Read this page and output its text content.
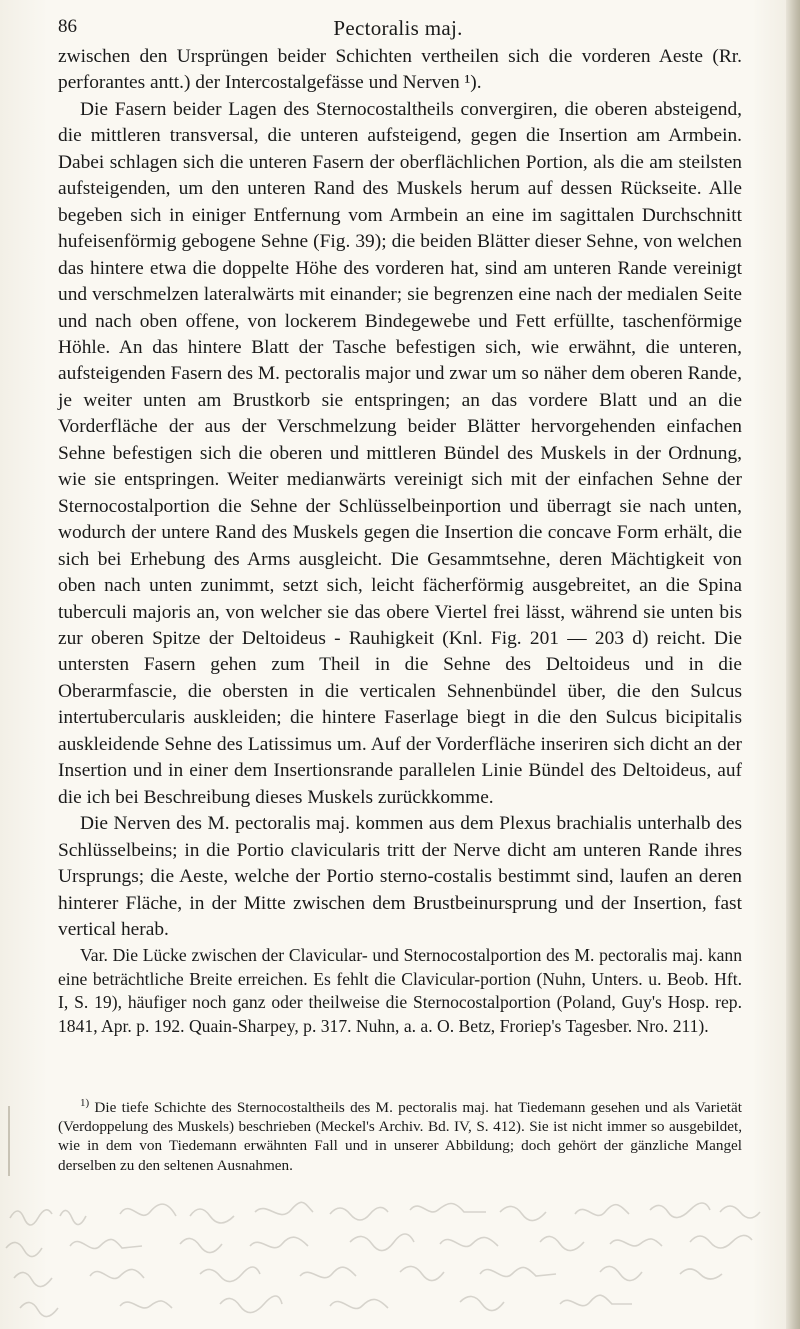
86	Pectoralis maj.

zwischen den Ursprüngen beider Schichten vertheilen sich die vorderen Aeste (Rr. perforantes antt.) der Intercostalgefässe und Nerven ¹).

Die Fasern beider Lagen des Sternocostaltheils convergiren, die oberen absteigend, die mittleren transversal, die unteren aufsteigend, gegen die Insertion am Armbein. Dabei schlagen sich die unteren Fasern der oberflächlichen Portion, als die am steilsten aufsteigenden, um den unteren Rand des Muskels herum auf dessen Rückseite. Alle begeben sich in einiger Entfernung vom Armbein an eine im sagittalen Durchschnitt hufeisenförmig gebogene Sehne (Fig. 39); die beiden Blätter dieser Sehne, von welchen das hintere etwa die doppelte Höhe des vorderen hat, sind am unteren Rande vereinigt und verschmelzen lateralwärts mit einander; sie begrenzen eine nach der medialen Seite und nach oben offene, von lockerem Bindegewebe und Fett erfüllte, taschenförmige Höhle. An das hintere Blatt der Tasche befestigen sich, wie erwähnt, die unteren, aufsteigenden Fasern des M. pectoralis major und zwar um so näher dem oberen Rande, je weiter unten am Brustkorb sie entspringen; an das vordere Blatt und an die Vorderfläche der aus der Verschmelzung beider Blätter hervorgehenden einfachen Sehne befestigen sich die oberen und mittleren Bündel des Muskels in der Ordnung, wie sie entspringen. Weiter medianwärts vereinigt sich mit der einfachen Sehne der Sternocostalportion die Sehne der Schlüsselbeinportion und überragt sie nach unten, wodurch der untere Rand des Muskels gegen die Insertion die concave Form erhält, die sich bei Erhebung des Arms ausgleicht. Die Gesammtsehne, deren Mächtigkeit von oben nach unten zunimmt, setzt sich, leicht fächerförmig ausgebreitet, an die Spina tuberculi majoris an, von welcher sie das obere Viertel frei lässt, während sie unten bis zur oberen Spitze der Deltoideus - Rauhigkeit (Knl. Fig. 201 — 203 d) reicht. Die untersten Fasern gehen zum Theil in die Sehne des Deltoideus und in die Oberarmfascie, die obersten in die verticalen Sehnenbündel über, die den Sulcus intertubercularis auskleiden; die hintere Faserlage biegt in die den Sulcus bicipitalis auskleidende Sehne des Latissimus um. Auf der Vorderfläche inseriren sich dicht an der Insertion und in einer dem Insertionsrande parallelen Linie Bündel des Deltoideus, auf die ich bei Beschreibung dieses Muskels zurückkomme.

Die Nerven des M. pectoralis maj. kommen aus dem Plexus brachialis unterhalb des Schlüsselbeins; in die Portio clavicularis tritt der Nerve dicht am unteren Rande ihres Ursprungs; die Aeste, welche der Portio sterno-costalis bestimmt sind, laufen an deren hinterer Fläche, in der Mitte zwischen dem Brustbeinursprung und der Insertion, fast vertical herab.

Var. Die Lücke zwischen der Clavicular- und Sternocostalportion des M. pectoralis maj. kann eine beträchtliche Breite erreichen. Es fehlt die Clavicular-portion (Nuhn, Unters. u. Beob. Hft. I, S. 19), häufiger noch ganz oder theilweise die Sternocostalportion (Poland, Guy's Hosp. rep. 1841, Apr. p. 192. Quain-Sharpey, p. 317. Nuhn, a. a. O. Betz, Froriep's Tagesber. Nro. 211).

$^{1)}$ Die tiefe Schichte des Sternocostaltheils des M. pectoralis maj. hat Tiedemann gesehen und als Varietät (Verdoppelung des Muskels) beschrieben (Meckel's Archiv. Bd. IV, S. 412). Sie ist nicht immer so ausgebildet, wie in dem von Tiedemann erwähnten Fall und in unserer Abbildung; doch gehört der gänzliche Mangel derselben zu den seltenen Ausnahmen.
